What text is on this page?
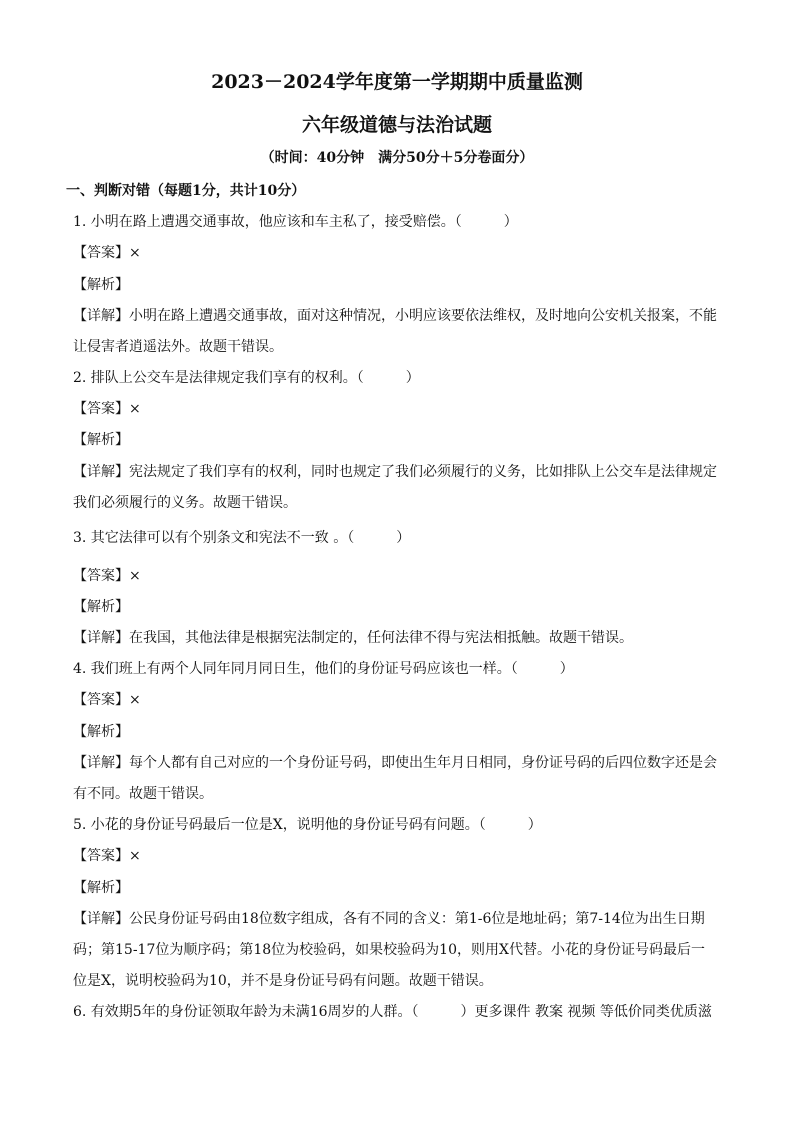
2023－2024学年度第一学期期中质量监测
六年级道德与法治试题
（时间：40分钟　满分50分＋5分卷面分）
一、判断对错（每题1分，共计10分）
1. 小明在路上遭遇交通事故，他应该和车主私了，接受赔偿。（　　　）
【答案】×
【解析】
【详解】小明在路上遭遇交通事故，面对这种情况，小明应该要依法维权，及时地向公安机关报案，不能
让侵害者逍遥法外。故题干错误。
2. 排队上公交车是法律规定我们享有的权利。（　　　）
【答案】×
【解析】
【详解】宪法规定了我们享有的权利，同时也规定了我们必须履行的义务，比如排队上公交车是法律规定
我们必须履行的义务。故题干错误。
3. 其它法律可以有个别条文和宪法不一致 。（　　　）
【答案】×
【解析】
【详解】在我国，其他法律是根据宪法制定的，任何法律不得与宪法相抵触。故题干错误。
4. 我们班上有两个人同年同月同日生，他们的身份证号码应该也一样。（　　　）
【答案】×
【解析】
【详解】每个人都有自己对应的一个身份证号码，即使出生年月日相同，身份证号码的后四位数字还是会
有不同。故题干错误。
5. 小花的身份证号码最后一位是X，说明他的身份证号码有问题。（　　　）
【答案】×
【解析】
【详解】公民身份证号码由18位数字组成，各有不同的含义：第1-6位是地址码；第7-14位为出生日期
码；第15-17位为顺序码；第18位为校验码，如果校验码为10，则用X代替。小花的身份证号码最后一
位是X，说明校验码为10，并不是身份证号码有问题。故题干错误。
6. 有效期5年的身份证领取年龄为未满16周岁的人群。（　　　）更多课件 教案 视频 等低价同类优质滋
